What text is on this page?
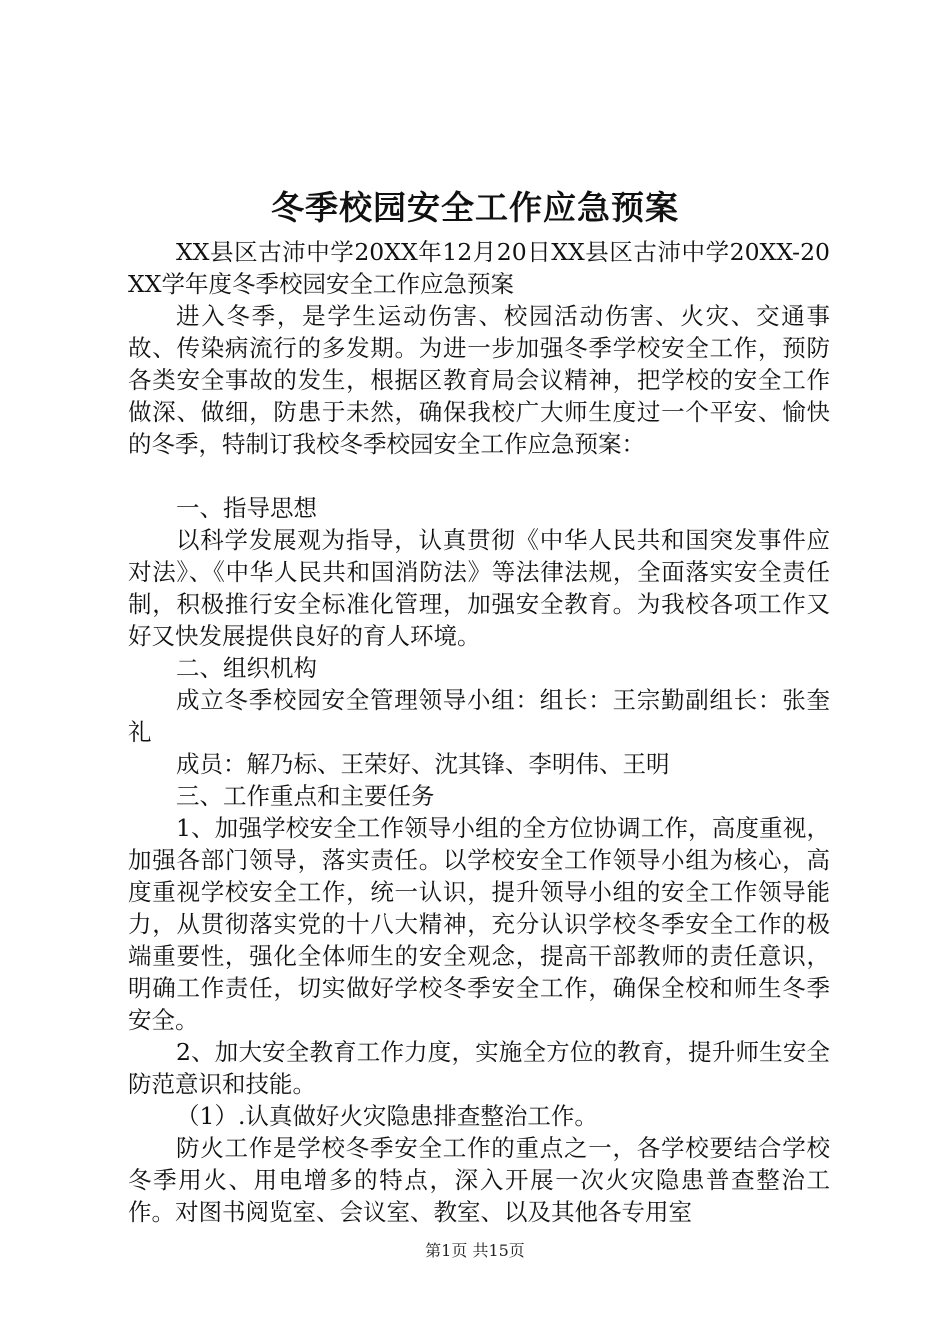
冬季校园安全工作应急预案

XX县区古沛中学20XX年12月20日XX县区古沛中学20XX-20XX学年度冬季校园安全工作应急预案

进入冬季，是学生运动伤害、校园活动伤害、火灾、交通事故、传染病流行的多发期。为进一步加强冬季学校安全工作，预防各类安全事故的发生，根据区教育局会议精神，把学校的安全工作做深、做细，防患于未然，确保我校广大师生度过一个平安、愉快的冬季，特制订我校冬季校园安全工作应急预案：

一、指导思想

以科学发展观为指导，认真贯彻《中华人民共和国突发事件应对法》、《中华人民共和国消防法》等法律法规，全面落实安全责任制，积极推行安全标准化管理，加强安全教育。为我校各项工作又好又快发展提供良好的育人环境。

二、组织机构

成立冬季校园安全管理领导小组：组长：王宗勤副组长：张奎礼

成员：解乃标、王荣好、沈其锋、李明伟、王明

三、工作重点和主要任务

1、加强学校安全工作领导小组的全方位协调工作，高度重视，加强各部门领导，落实责任。以学校安全工作领导小组为核心，高度重视学校安全工作，统一认识，提升领导小组的安全工作领导能力，从贯彻落实党的十八大精神，充分认识学校冬季安全工作的极端重要性，强化全体师生的安全观念，提高干部教师的责任意识，明确工作责任，切实做好学校冬季安全工作，确保全校和师生冬季安全。

2、加大安全教育工作力度，实施全方位的教育，提升师生安全防范意识和技能。

（1）.认真做好火灾隐患排查整治工作。

防火工作是学校冬季安全工作的重点之一，各学校要结合学校冬季用火、用电增多的特点，深入开展一次火灾隐患普查整治工作。对图书阅览室、会议室、教室、以及其他各专用室

第1页 共15页
